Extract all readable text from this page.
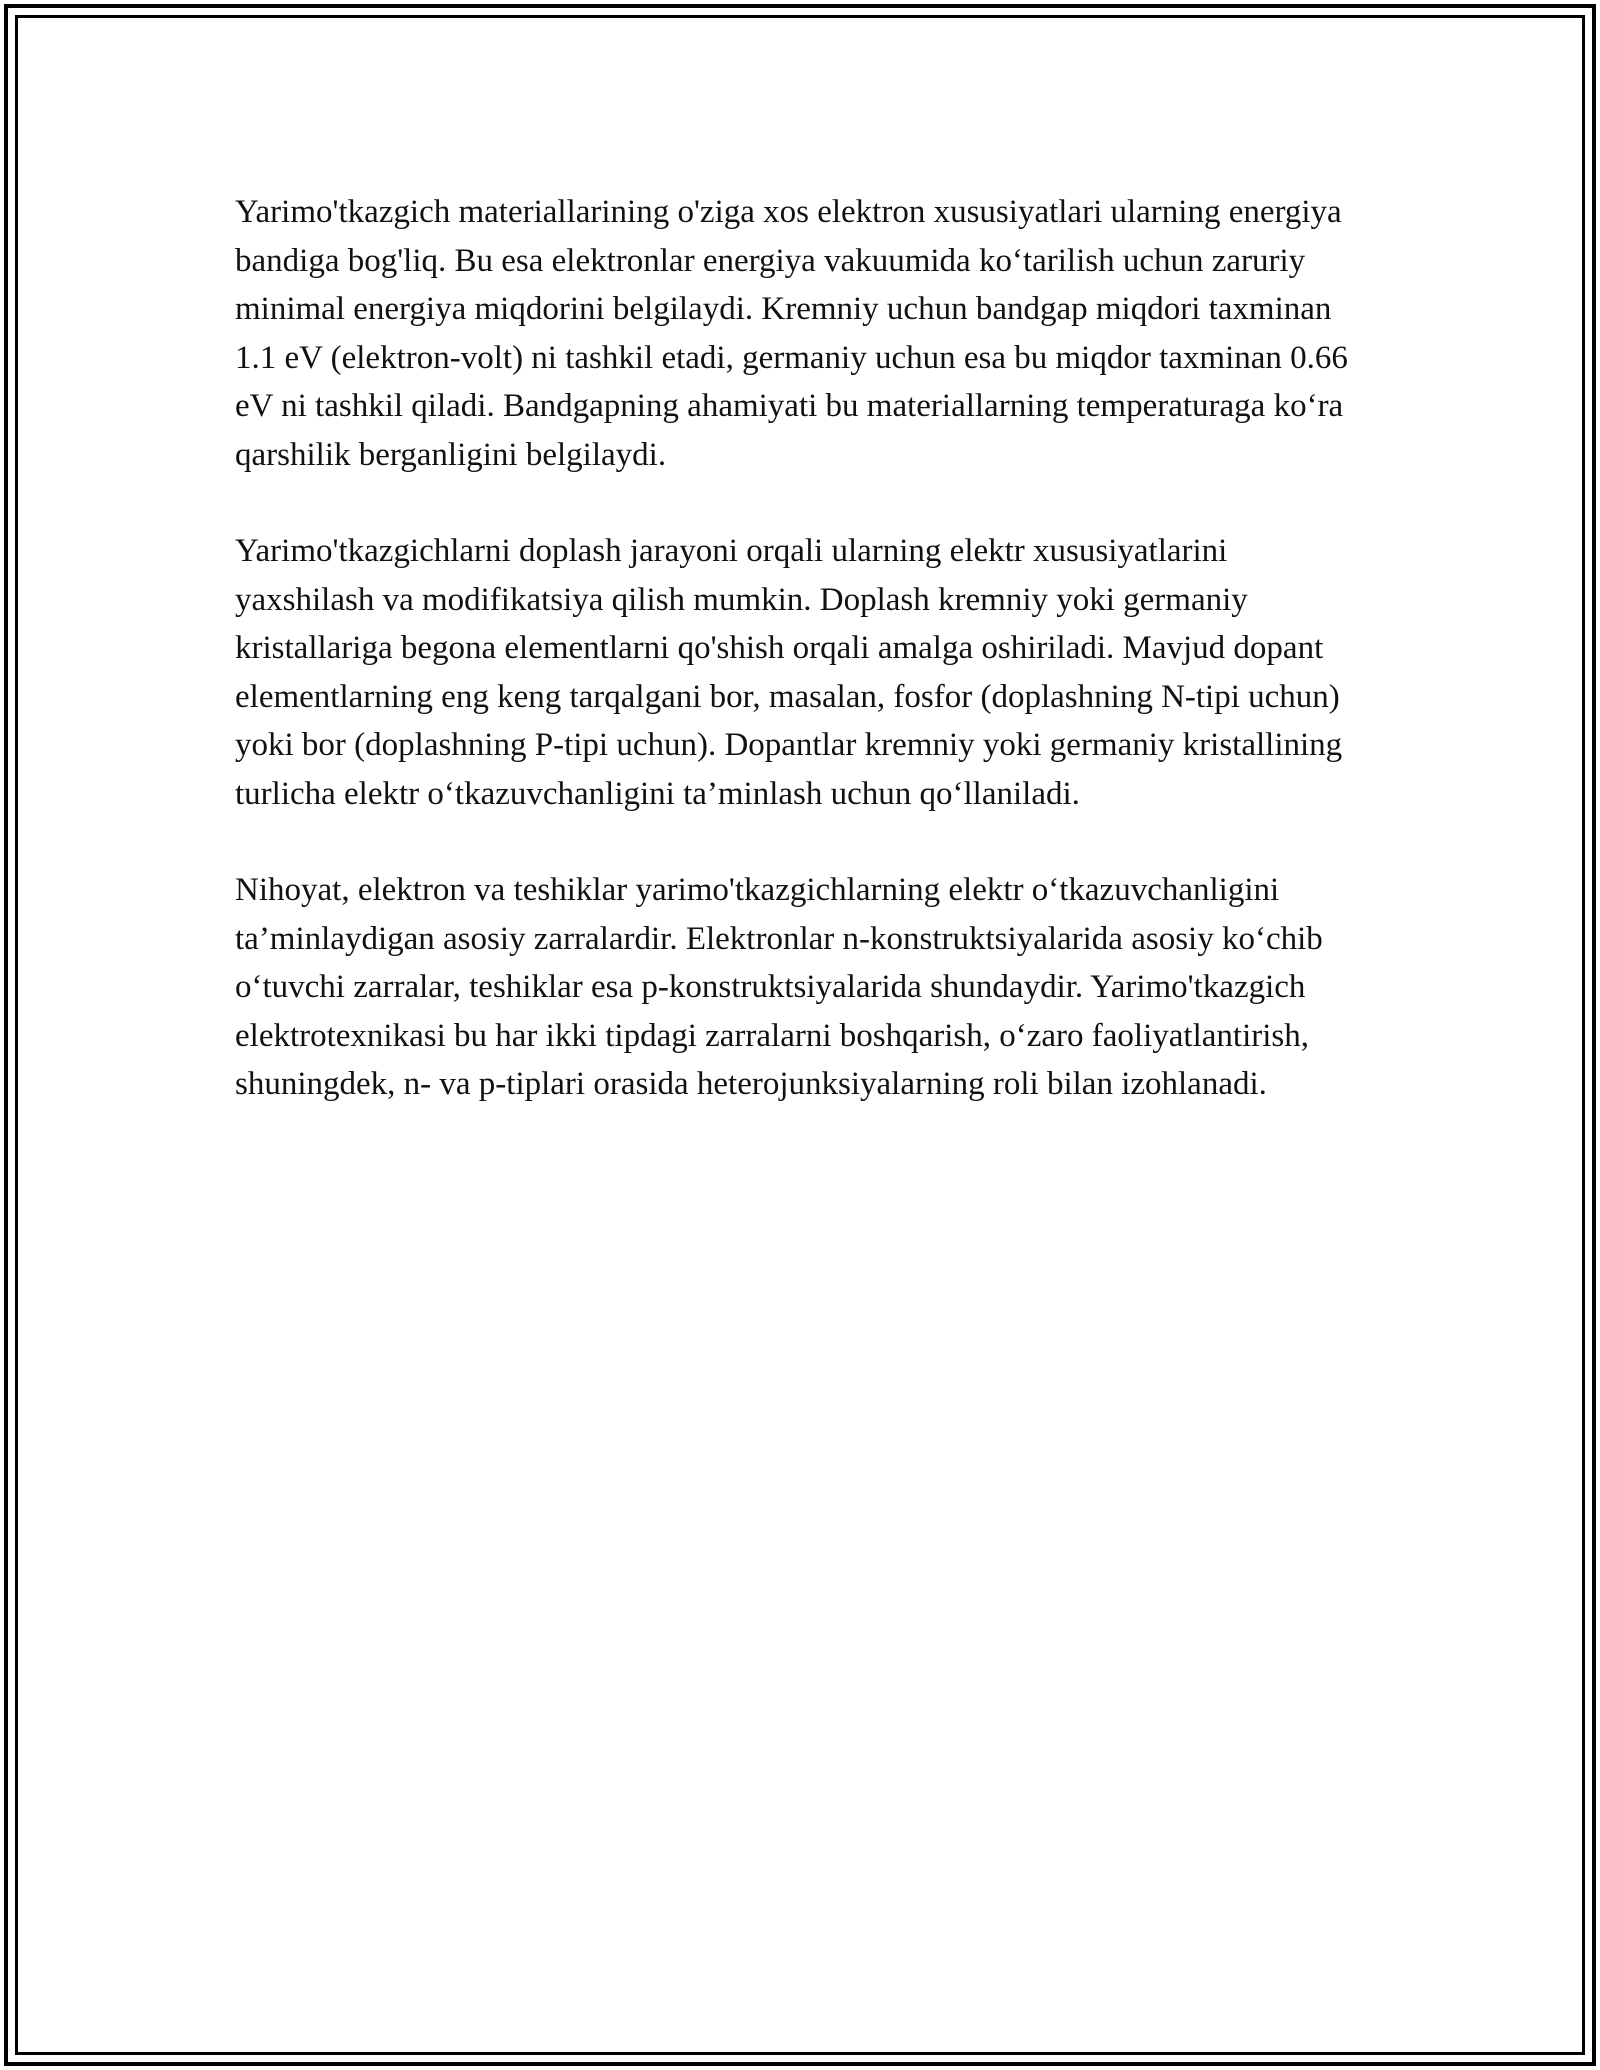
Yarimo'tkazgich materiallarining o'ziga xos elektron xususiyatlari ularning energiya bandiga bog'liq. Bu esa elektronlar energiya vakuumida ko‘tarilish uchun zaruriy minimal energiya miqdorini belgilaydi. Kremniy uchun bandgap miqdori taxminan 1.1 eV (elektron-volt) ni tashkil etadi, germaniy uchun esa bu miqdor taxminan 0.66 eV ni tashkil qiladi. Bandgapning ahamiyati bu materiallarning temperaturaga ko‘ra qarshilik berganligini belgilaydi.

Yarimo'tkazgichlarni doplash jarayoni orqali ularning elektr xususiyatlarini yaxshilash va modifikatsiya qilish mumkin. Doplash kremniy yoki germaniy kristallariga begona elementlarni qo'shish orqali amalga oshiriladi. Mavjud dopant elementlarning eng keng tarqalgani bor, masalan, fosfor (doplashning N-tipi uchun) yoki bor (doplashning P-tipi uchun). Dopantlar kremniy yoki germaniy kristallining turlicha elektr o‘tkazuvchanligini ta’minlash uchun qo‘llaniladi.

Nihoyat, elektron va teshiklar yarimo'tkazgichlarning elektr o‘tkazuvchanligini ta’minlaydigan asosiy zarralardir. Elektronlar n-konstruktsiyalarida asosiy ko‘chib o‘tuvchi zarralar, teshiklar esa p-konstruktsiyalarida shundaydir. Yarimo'tkazgich elektrotexnikasi bu har ikki tipdagi zarralarni boshqarish, o‘zaro faoliyatlantirish, shuningdek, n- va p-tiplari orasida heterojunksiyalarning roli bilan izohlanadi.
